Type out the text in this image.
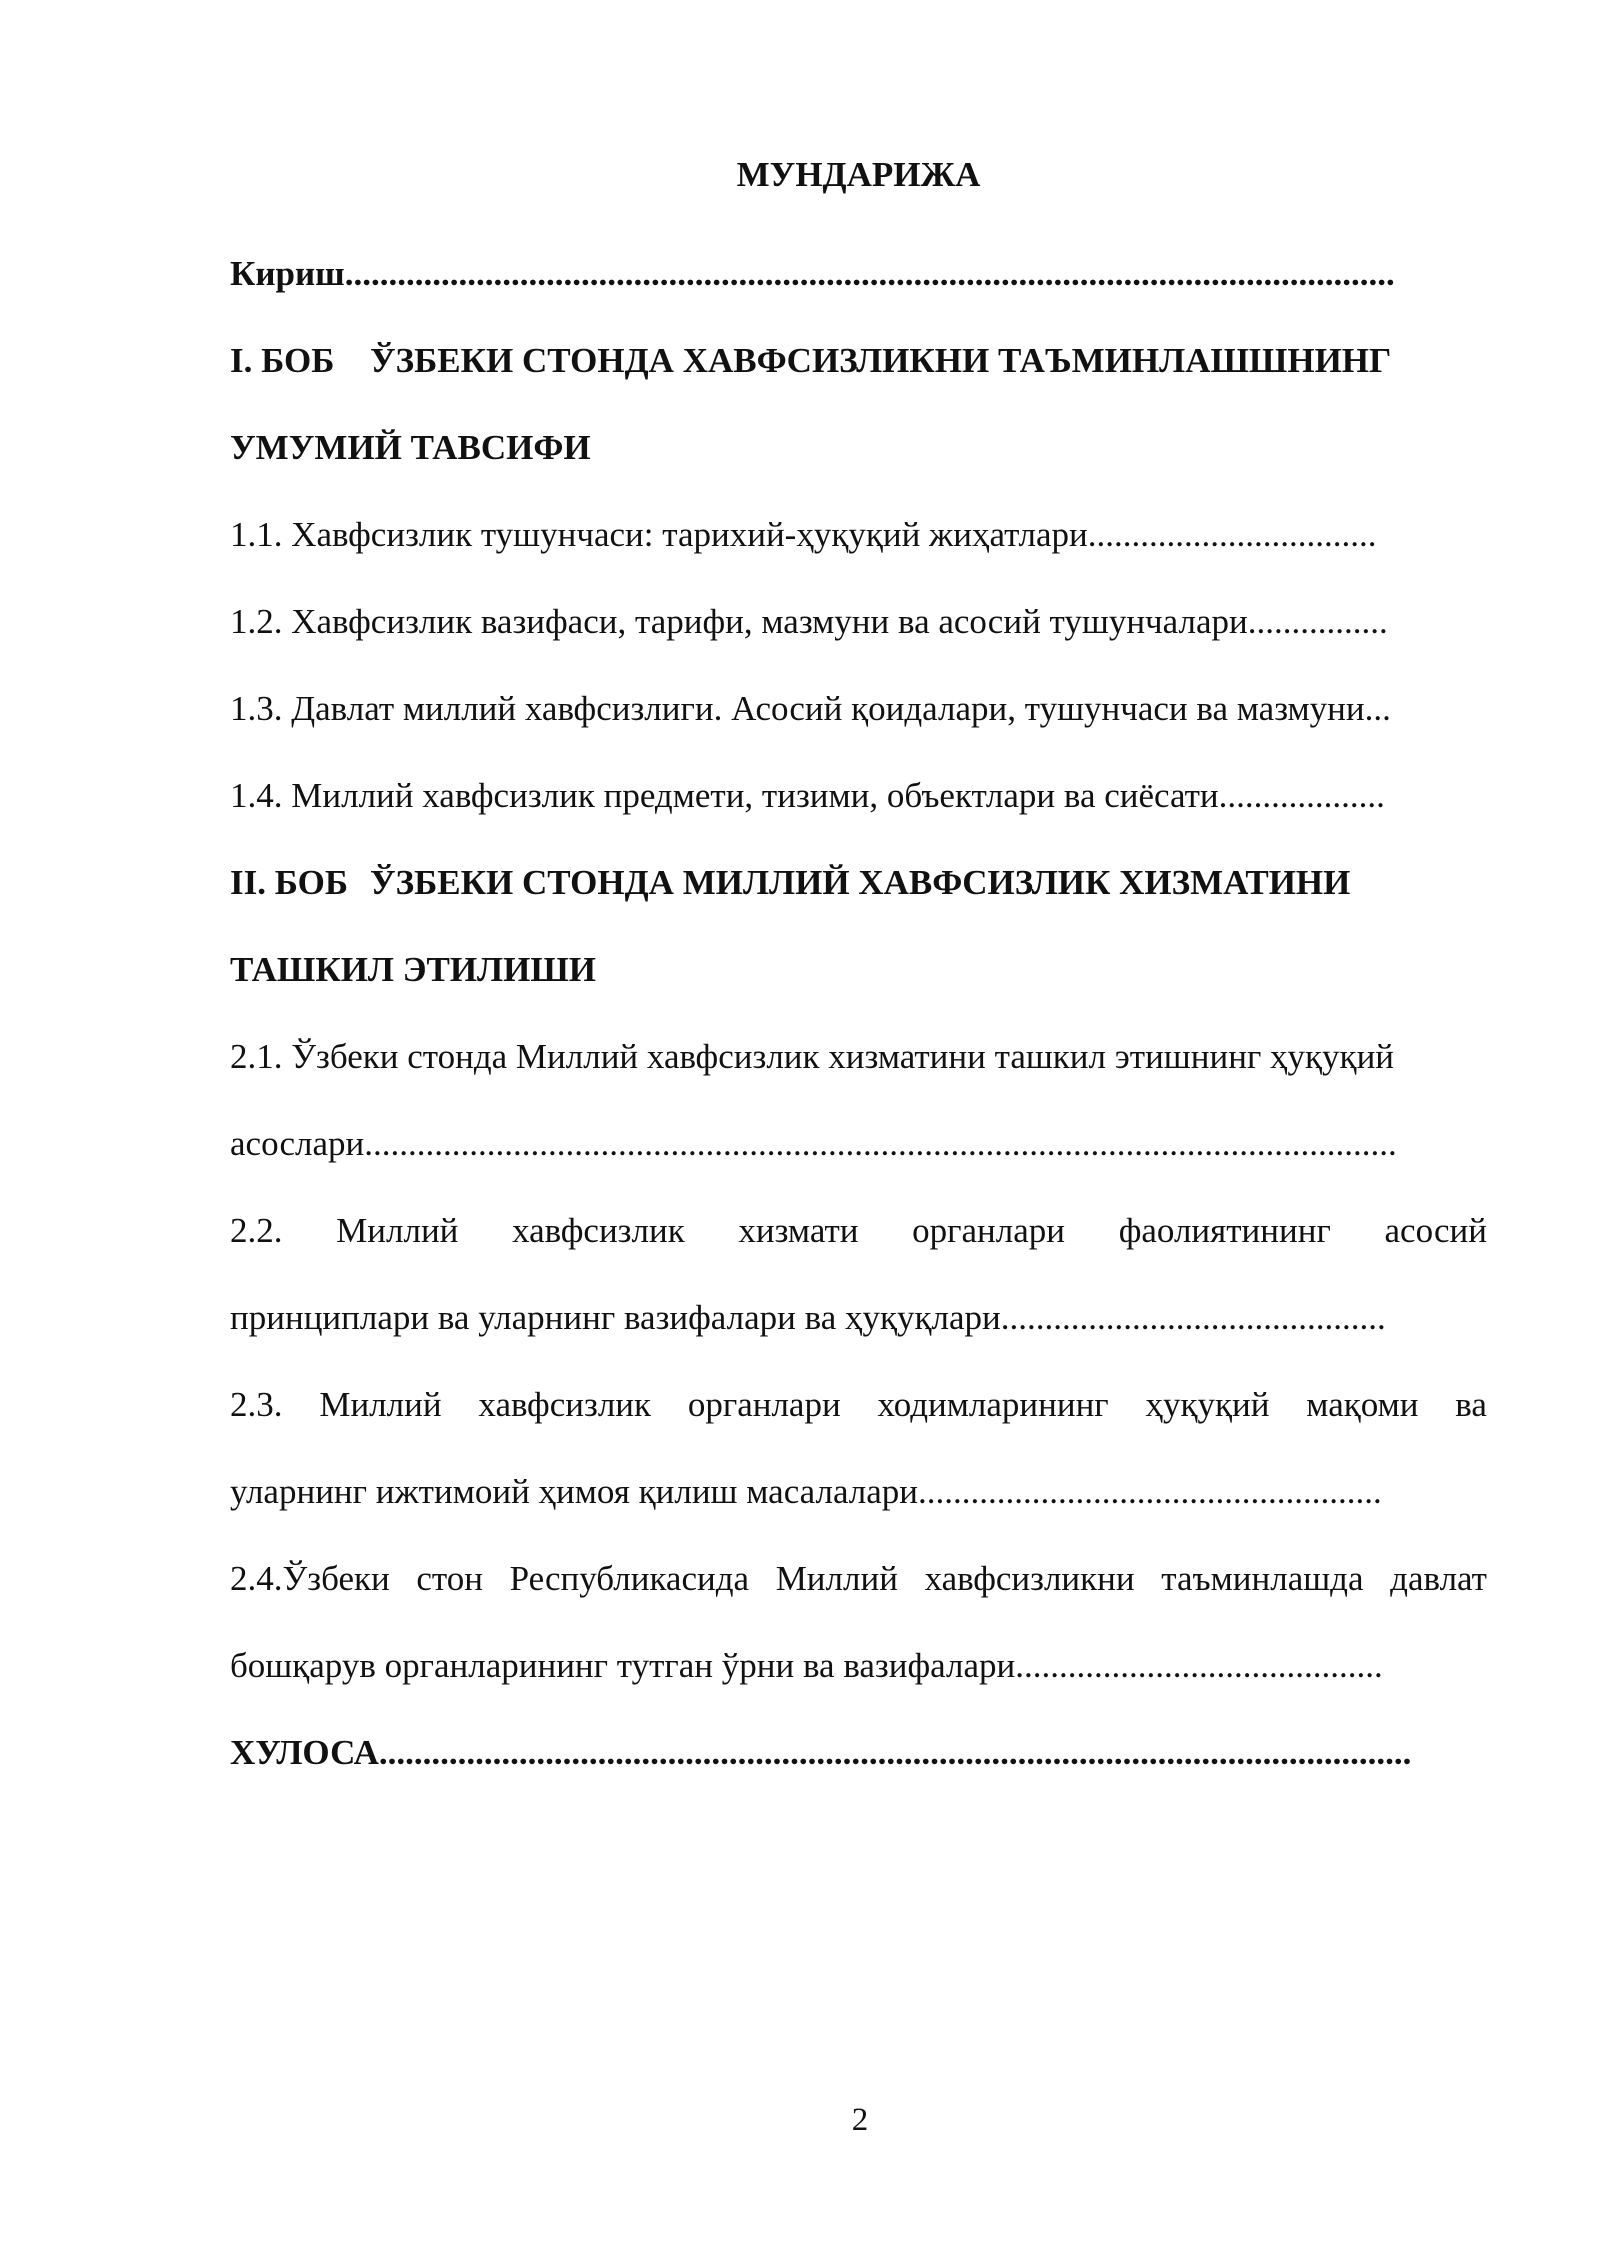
МУНДАРИЖА
Кириш........................................................................................................................
I. БОБ ЎЗБЕКИ СТОНДА ХАВФСИЗЛИКНИ ТАЪМИНЛАШШНИНГ
УМУМИЙ ТАВСИФИ
1.1. Хавфсизлик тушунчаси: тарихий-ҳуқуқий жиҳатлари.................................
1.2. Хавфсизлик вазифаси, тарифи, мазмуни ва асосий тушунчалари................
1.3. Давлат миллий хавфсизлиги. Асосий қоидалари, тушунчаси ва мазмуни...
1.4. Миллий хавфсизлик предмети, тизими, объектлари ва сиёсати...................
II. БОБ ЎЗБЕКИ СТОНДА МИЛЛИЙ ХАВФСИЗЛИК ХИЗМАТИНИ
ТАШКИЛ ЭТИЛИШИ
2.1. Ўзбеки стонда Миллий хавфсизлик хизматини ташкил этишнинг ҳуқуқий
асослари......................................................................................................................
2.2. Миллий хавфсизлик хизмати органлари фаолиятининг асосий
принциплари ва уларнинг вазифалари ва ҳуқуқлари............................................
2.3. Миллий хавфсизлик органлари ходимларининг ҳуқуқий мақоми ва
уларнинг ижтимоий ҳимоя қилиш масалалари.....................................................
2.4.Ўзбеки стон Республикасида Миллий хавфсизликни таъминлашда давлат
бошқарув органларининг тутган ўрни ва вазифалари..........................................
ХУЛОСА......................................................................................................................
2
